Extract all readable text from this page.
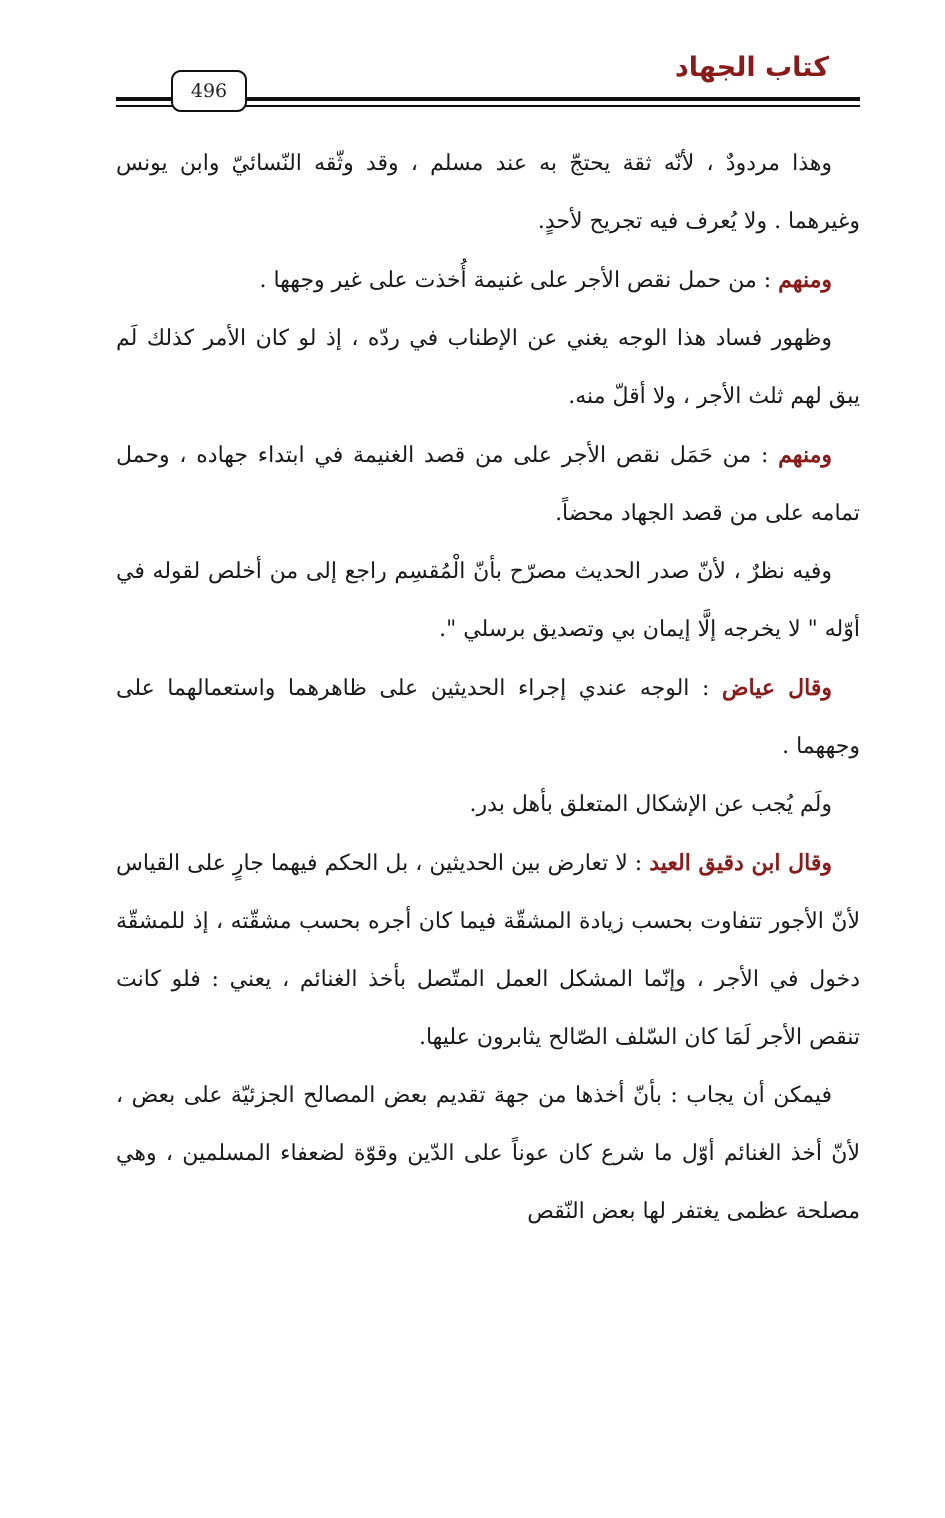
كتاب الجهاد
496

وهذا مردودٌ ، لأنّه ثقة يحتجّ به عند مسلم ، وقد وثّقه النّسائيّ وابن يونس وغيرهما . ولا يُعرف فيه تجريح لأحدٍ.

ومنهم : من حمل نقص الأجر على غنيمة أُخذت على غير وجهها .

وظهور فساد هذا الوجه يغني عن الإطناب في ردّه ، إذ لو كان الأمر كذلك لَم يبق لهم ثلث الأجر ، ولا أقلّ منه.

ومنهم : من حَمَل نقص الأجر على من قصد الغنيمة في ابتداء جهاده ، وحمل تمامه على من قصد الجهاد محضاً.

وفيه نظرٌ ، لأنّ صدر الحديث مصرّح بأنّ الْمُقسِم راجع إلى من أخلص لقوله في أوّله " لا يخرجه إلَّا إيمان بي وتصديق برسلي ".

وقال عياض : الوجه عندي إجراء الحديثين على ظاهرهما واستعمالهما على وجههما .

ولَم يُجب عن الإشكال المتعلق بأهل بدر.

وقال ابن دقيق العيد : لا تعارض بين الحديثين ، بل الحكم فيهما جارٍ على القياس لأنّ الأجور تتفاوت بحسب زيادة المشقّة فيما كان أجره بحسب مشقّته ، إذ للمشقّة دخول في الأجر ، وإنّما المشكل العمل المتّصل بأخذ الغنائم ، يعني : فلو كانت تنقص الأجر لَمَا كان السّلف الصّالح يثابرون عليها.

فيمكن أن يجاب : بأنّ أخذها من جهة تقديم بعض المصالح الجزئيّة على بعض ، لأنّ أخذ الغنائم أوّل ما شرع كان عوناً على الدّين وقوّة لضعفاء المسلمين ، وهي مصلحة عظمى يغتفر لها بعض النّقص
